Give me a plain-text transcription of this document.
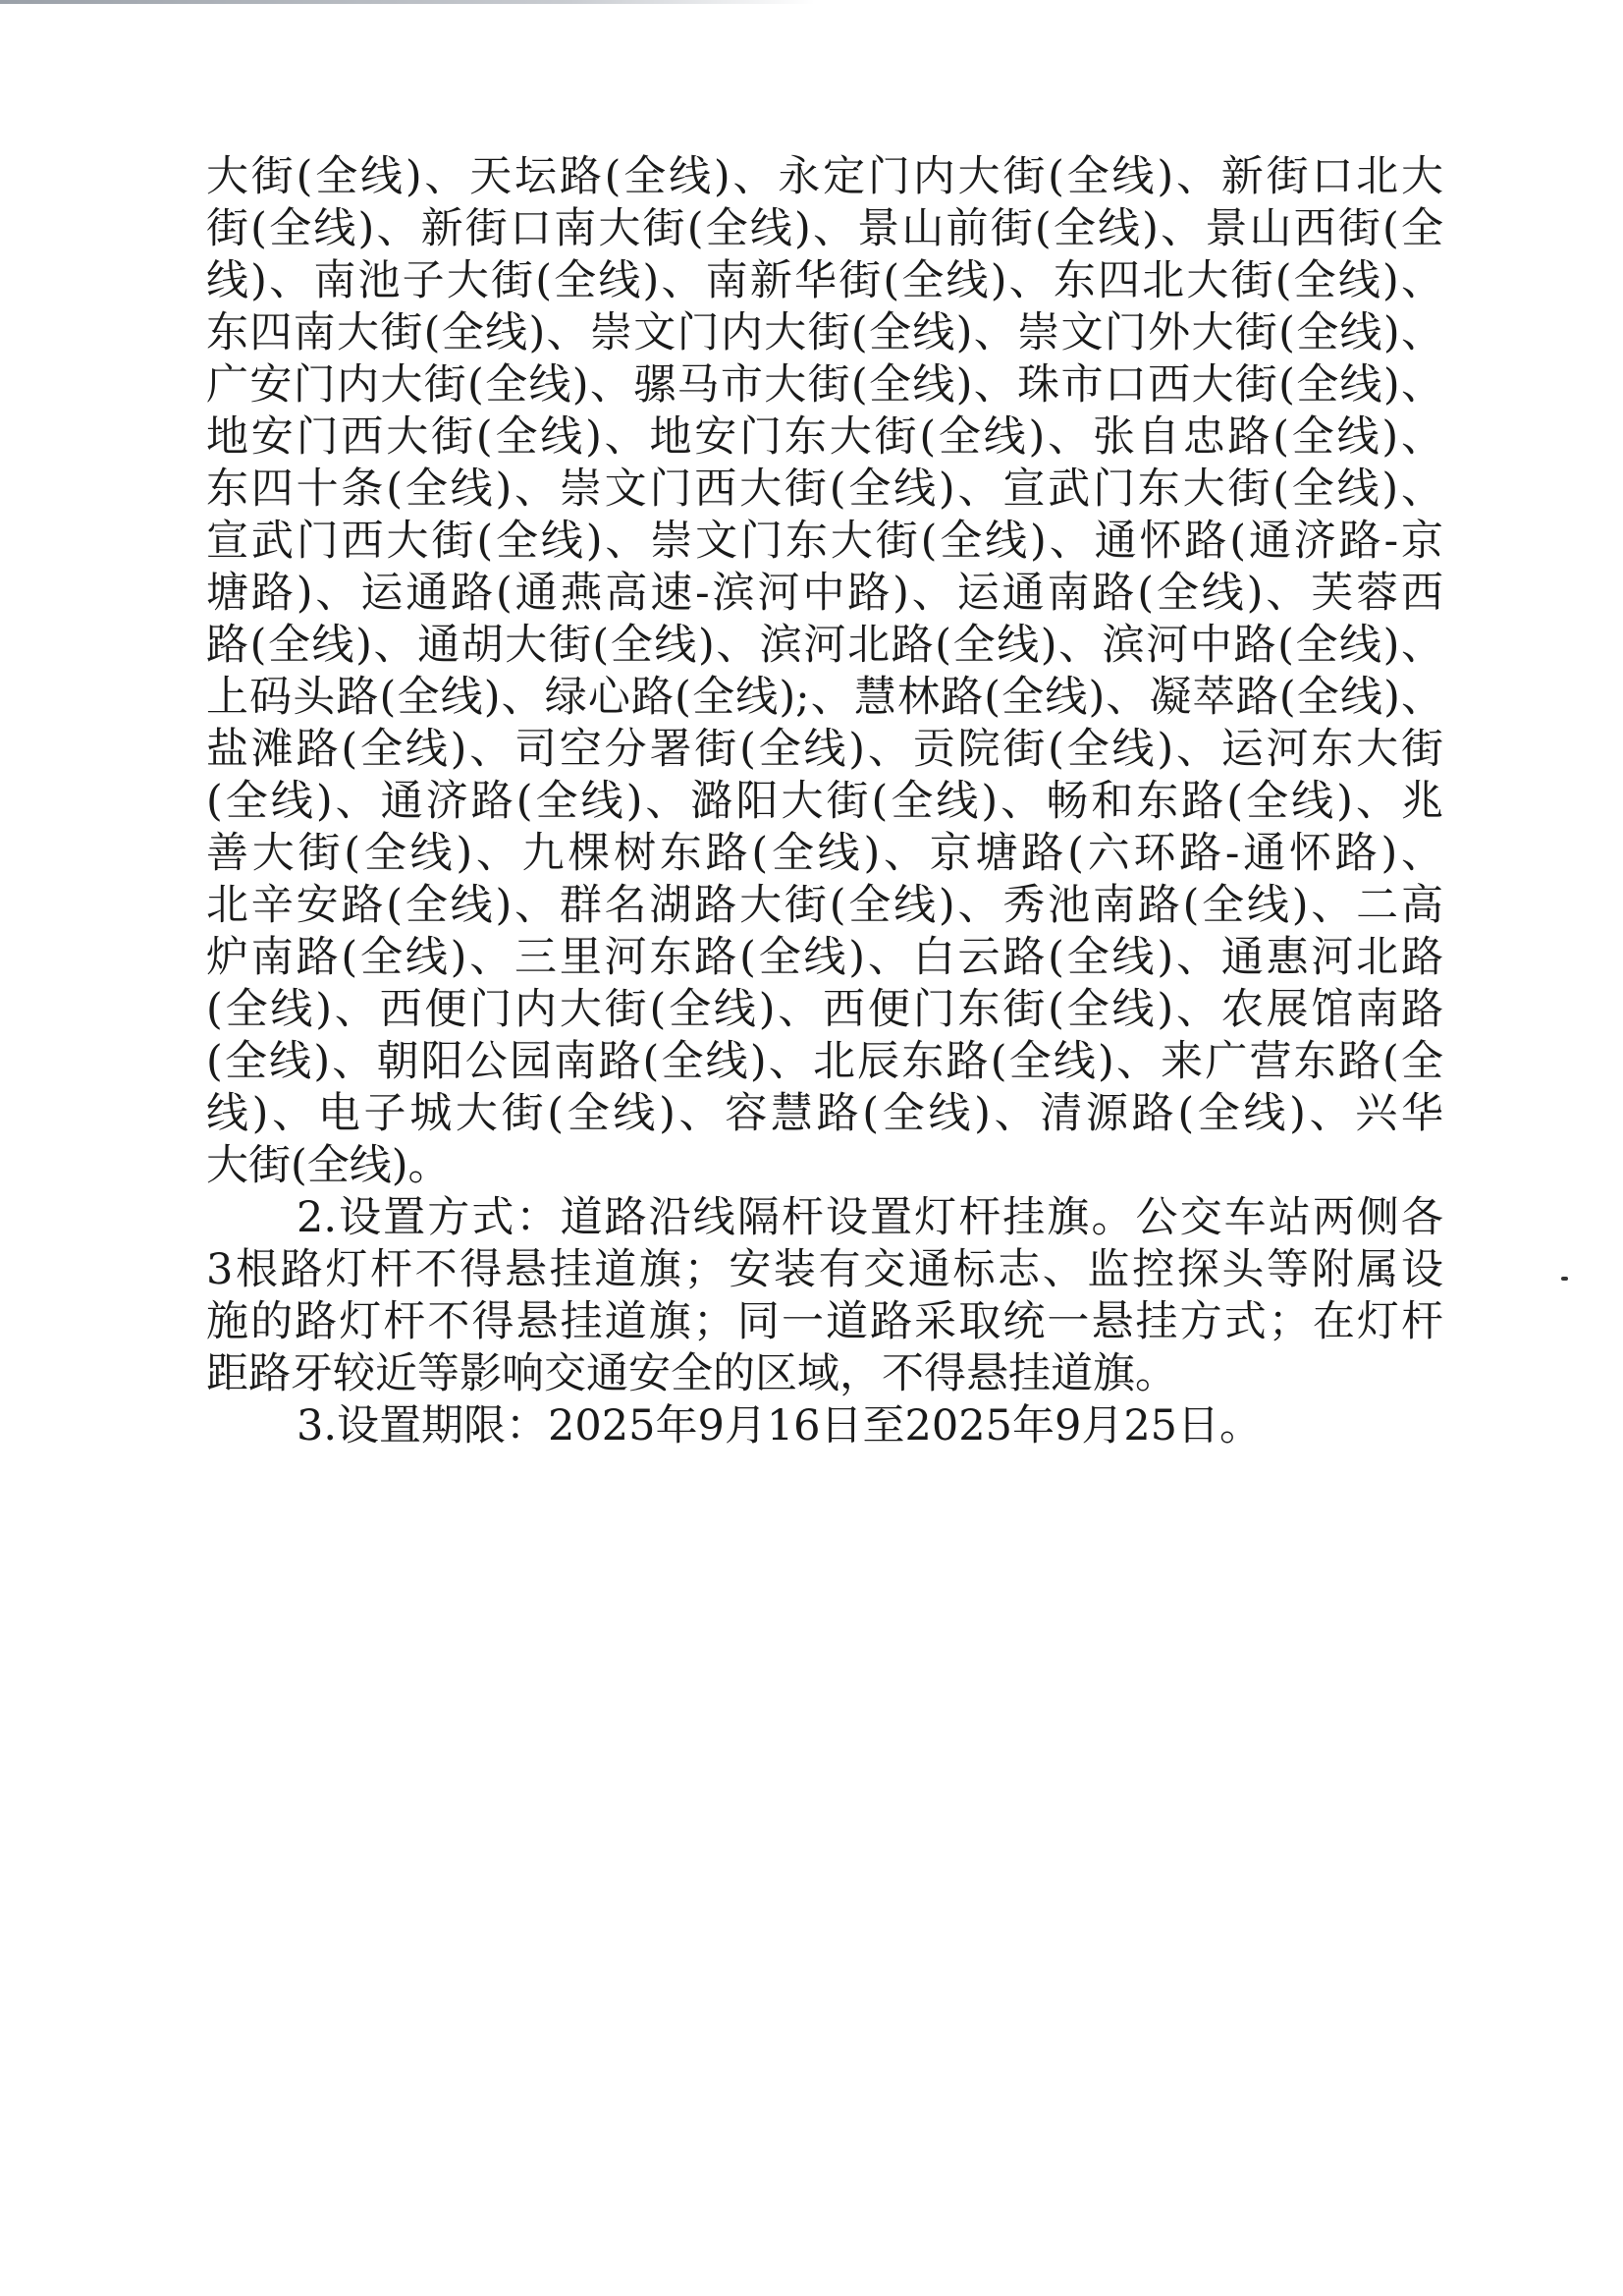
大街(全线)、天坛路(全线)、永定门内大街(全线)、新街口北大
街(全线)、新街口南大街(全线)、景山前街(全线)、景山西街(全
线)、南池子大街(全线)、南新华街(全线)、东四北大街(全线)、
东四南大街(全线)、崇文门内大街(全线)、崇文门外大街(全线)、
广安门内大街(全线)、骡马市大街(全线)、珠市口西大街(全线)、
地安门西大街(全线)、地安门东大街(全线)、张自忠路(全线)、
东四十条(全线)、崇文门西大街(全线)、宣武门东大街(全线)、
宣武门西大街(全线)、崇文门东大街(全线)、通怀路(通济路-京
塘路)、运通路(通燕高速-滨河中路)、运通南路(全线)、芙蓉西
路(全线)、通胡大街(全线)、滨河北路(全线)、滨河中路(全线)、
上码头路(全线)、绿心路(全线);、慧林路(全线)、凝萃路(全线)、
盐滩路(全线)、司空分署街(全线)、贡院街(全线)、运河东大街
(全线)、通济路(全线)、潞阳大街(全线)、畅和东路(全线)、兆
善大街(全线)、九棵树东路(全线)、京塘路(六环路-通怀路)、
北辛安路(全线)、群名湖路大街(全线)、秀池南路(全线)、二高
炉南路(全线)、三里河东路(全线)、白云路(全线)、通惠河北路
(全线)、西便门内大街(全线)、西便门东街(全线)、农展馆南路
(全线)、朝阳公园南路(全线)、北辰东路(全线)、来广营东路(全
线)、电子城大街(全线)、容慧路(全线)、清源路(全线)、兴华
大街(全线)。
2.设置方式：道路沿线隔杆设置灯杆挂旗。公交车站两侧各
3根路灯杆不得悬挂道旗；安装有交通标志、监控探头等附属设
施的路灯杆不得悬挂道旗；同一道路采取统一悬挂方式；在灯杆
距路牙较近等影响交通安全的区域，不得悬挂道旗。
3.设置期限：2025年9月16日至2025年9月25日。
